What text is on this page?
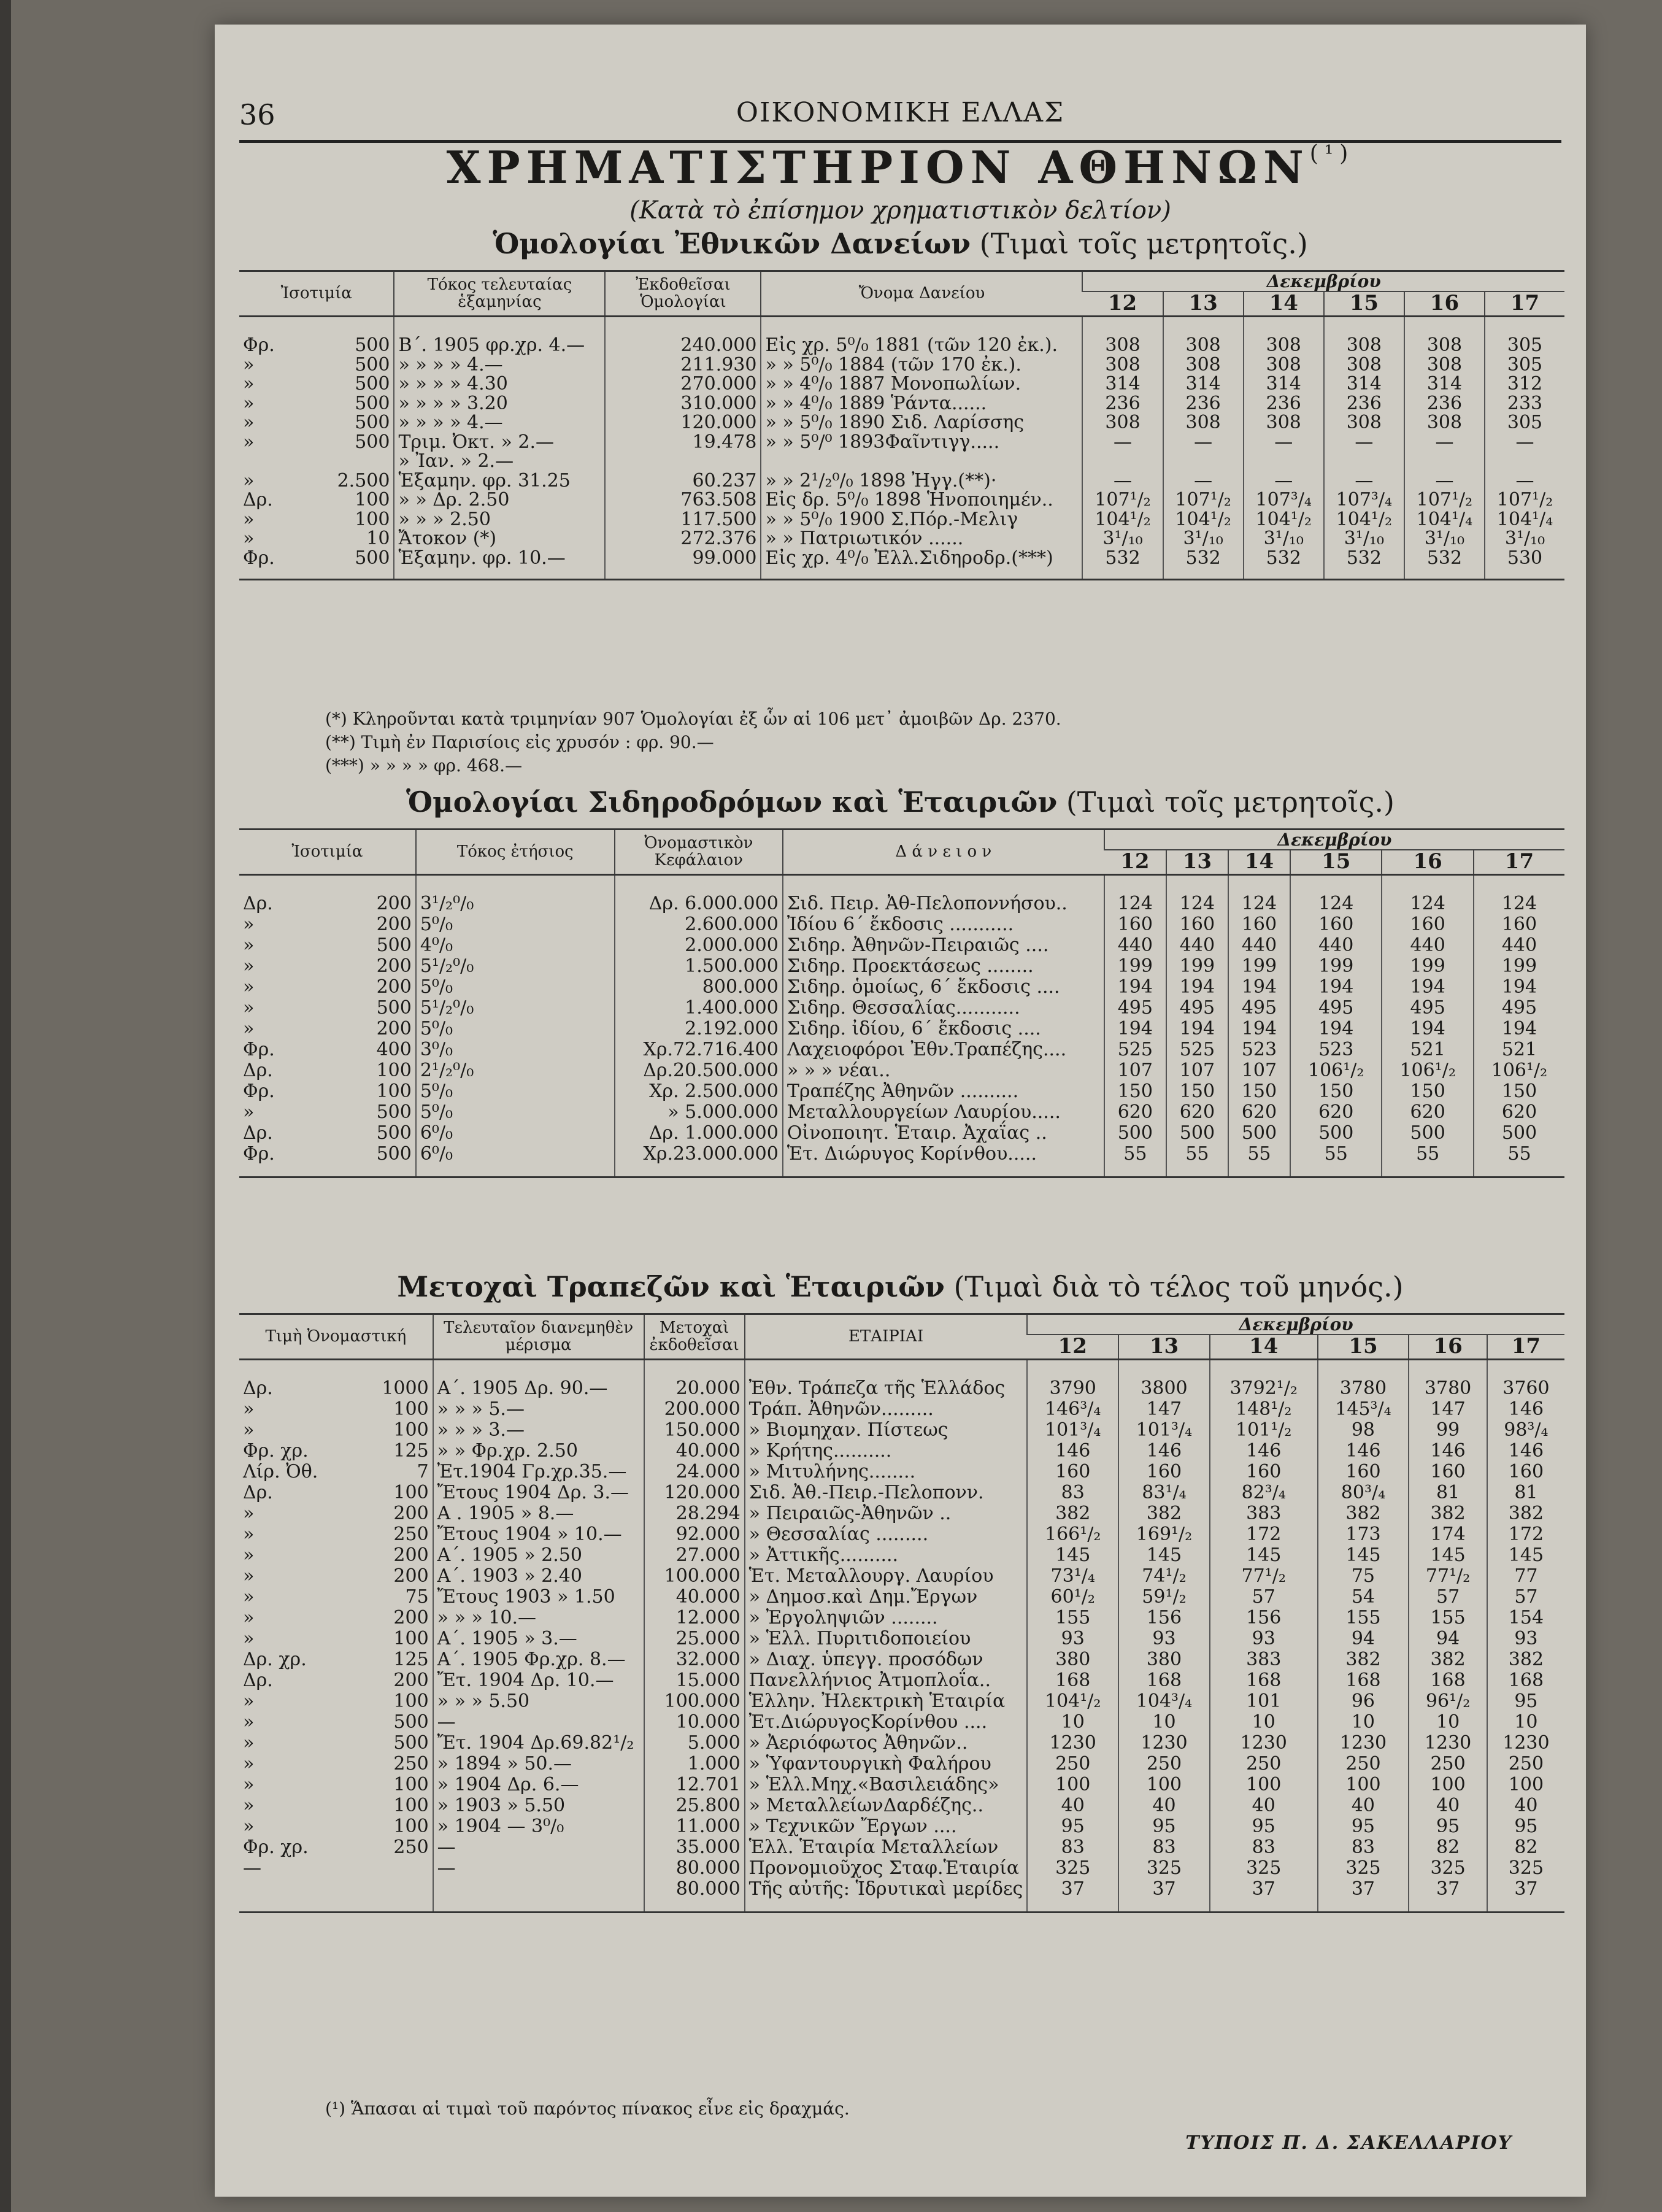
36	ΟΙΚΟΝΟΜΙΚΗ ΕΛΛΑΣ
ΧΡΗΜΑΤΙΣΤΗΡΙΟΝ $A\Theta HN\Omega N^{(^1)}$
(Κατὰ τὸ ἐπίσημον χρηματιστικὸν δελτίον)
Ὁμολογίαι Ἐθνικῶν Δανείων (Τιμαὶ τοῖς μετρητοῖς.)
Ἰσοτιμία		Τόκος τελευταίας ἑξαμηνίας	Ἐκδοθεῖσαι Ὁμολογίαι	Ὄνομα Δανείου	Δεκεμβρίου					
					12	13	14	15	16	17
Φρ.	500	Β΄. 1905 φρ.χρ. 4.—	240.000	Εἰς χρ. 5⁰/₀ 1881 (τῶν 120 ἐκ.).	308	308	308	308	308	305
»	500	» » » » 4.—	211.930	» » 5⁰/₀ 1884 (τῶν 170 ἐκ.).	308	308	308	308	308	305
»	500	» » » » 4.30	270.000	» » 4⁰/₀ 1887 Μονοπωλίων.	314	314	314	314	314	312
»	500	» » » » 3.20	310.000	» » 4⁰/₀ 1889 Ῥάντα......	236	236	236	236	236	233
»	500	» » » » 4.—	120.000	» » 5⁰/₀ 1890 Σιδ. Λαρίσσης	308	308	308	308	308	305
»	500	Τριμ. Ὀκτ. » 2.—	19.478	» » 5⁰/⁰ 1893Φαῖντιγγ.....	—	—	—	—	—	—
		» Ἰαν. » 2.—								
»	2.500	Ἑξαμην. φρ. 31.25	60.237	» » 2¹/₂⁰/₀ 1898 Ἠγγ.(**)·	—	—	—	—	—	—
Δρ.	100	» » Δρ. 2.50	763.508	Εἰς δρ. 5⁰/₀ 1898 Ἡνοποιημέν..	107¹/₂	107¹/₂	107³/₄	107³/₄	107¹/₂	107¹/₂
»	100	» » » 2.50	117.500	» » 5⁰/₀ 1900 Σ.Πόρ.-Μελιγ	104¹/₂	104¹/₂	104¹/₂	104¹/₂	104¹/₄	104¹/₄
»	10	Ἄτοκον (*)	272.376	» » Πατριωτικόν ......	3¹/₁₀	3¹/₁₀	3¹/₁₀	3¹/₁₀	3¹/₁₀	3¹/₁₀
Φρ.	500	Ἑξαμην. φρ. 10.—	99.000	Εἰς χρ. 4⁰/₀ Ἐλλ.Σιδηροδρ.(***)	532	532	532	532	532	530
(*) Κληροῦνται κατὰ τριμηνίαν 907 Ὁμολογίαι ἐξ ὧν αἱ 106 μετ᾽ ἀμοιβῶν Δρ. 2370.
(**) Τιμὴ ἐν Παρισίοις εἰς χρυσόν : φρ. 90.—
(***) » » » » φρ. 468.—
Ὁμολογίαι Σιδηροδρόμων καὶ Ἑταιριῶν (Τιμαὶ τοῖς μετρητοῖς.)
Ἰσοτιμία		Τόκος ἐτήσιος	Ὀνομαστικὸν Κεφάλαιον	Δ ά ν ε ι ο ν	Δεκεμβρίου					
					12	13	14	15	16	17
Δρ.	200	3¹/₂⁰/₀	Δρ. 6.000.000	Σιδ. Πειρ. Ἀθ-Πελοποννήσου..	124	124	124	124	124	124
»	200	5⁰/₀	2.600.000	Ἰδίου 6΄ ἔκδοσις ...........	160	160	160	160	160	160
»	500	4⁰/₀	2.000.000	Σιδηρ. Ἀθηνῶν-Πειραιῶς ....	440	440	440	440	440	440
»	200	5¹/₂⁰/₀	1.500.000	Σιδηρ. Προεκτάσεως ........	199	199	199	199	199	199
»	200	5⁰/₀	800.000	Σιδηρ. ὁμοίως, 6΄ ἔκδοσις ....	194	194	194	194	194	194
»	500	5¹/₂⁰/₀	1.400.000	Σιδηρ. Θεσσαλίας...........	495	495	495	495	495	495
»	200	5⁰/₀	2.192.000	Σιδηρ. ἰδίου, 6΄ ἔκδοσις ....	194	194	194	194	194	194
Φρ.	400	3⁰/₀	Χρ.72.716.400	Λαχειοφόροι Ἐθν.Τραπέζης....	525	525	523	523	521	521
Δρ.	100	2¹/₂⁰/₀	Δρ.20.500.000	» » » νέαι..	107	107	107	106¹/₂	106¹/₂	106¹/₂
Φρ.	100	5⁰/₀	Χρ. 2.500.000	Τραπέζης Ἀθηνῶν ..........	150	150	150	150	150	150
»	500	5⁰/₀	» 5.000.000	Μεταλλουργείων Λαυρίου.....	620	620	620	620	620	620
Δρ.	500	6⁰/₀	Δρ. 1.000.000	Οἰνοποιητ. Ἑταιρ. Ἀχαΐας ..	500	500	500	500	500	500
Φρ.	500	6⁰/₀	Χρ.23.000.000	Ἑτ. Διώρυγος Κορίνθου.....	55	55	55	55	55	55
Μετοχαὶ Τραπεζῶν καὶ Ἑταιριῶν (Τιμαὶ διὰ τὸ τέλος τοῦ μηνός.)
Τιμὴ Ὀνομαστική		Τελευταῖον διανεμηθὲν μέρισμα	Μετοχαὶ ἐκδοθεῖσαι	ΕΤΑΙΡΙΑΙ	Δεκεμβρίου					
					12	13	14	15	16	17
Δρ.	1000	Α΄. 1905 Δρ. 90.—	20.000	Ἐθν. Τράπεζα τῆς Ἑλλάδος	3790	3800	3792¹/₂	3780	3780	3760
»	100	» » » 5.—	200.000	Τράπ. Ἀθηνῶν.........	146³/₄	147	148¹/₂	145³/₄	147	146
»	100	» » » 3.—	150.000	» Βιομηχαν. Πίστεως	101³/₄	101³/₄	101¹/₂	98	99	98³/₄
Φρ. χρ.	125	» » Φρ.χρ. 2.50	40.000	» Κρήτης..........	146	146	146	146	146	146
Λίρ. Ὀθ.	7	Ἐτ.1904 Γρ.χρ.35.—	24.000	» Μιτυλήνης........	160	160	160	160	160	160
Δρ.	100	Ἔτους 1904 Δρ. 3.—	120.000	Σιδ. Ἀθ.-Πειρ.-Πελοπονν.	83	83¹/₄	82³/₄	80³/₄	81	81
»	200	Α . 1905 » 8.—	28.294	» Πειραιῶς-Ἀθηνῶν ..	382	382	383	382	382	382
»	250	Ἔτους 1904 » 10.—	92.000	» Θεσσαλίας .........	166¹/₂	169¹/₂	172	173	174	172
»	200	Α΄. 1905 » 2.50	27.000	» Ἀττικῆς..........	145	145	145	145	145	145
»	200	Α΄. 1903 » 2.40	100.000	Ἑτ. Μεταλλουργ. Λαυρίου	73¹/₄	74¹/₂	77¹/₂	75	77¹/₂	77
»	75	Ἔτους 1903 » 1.50	40.000	» Δημοσ.καὶ Δημ.Ἔργων	60¹/₂	59¹/₂	57	54	57	57
»	200	» » » 10.—	12.000	» Ἐργοληψιῶν ........	155	156	156	155	155	154
»	100	Α΄. 1905 » 3.—	25.000	» Ἑλλ. Πυριτιδοποιείου	93	93	93	94	94	93
Δρ. χρ.	125	Α΄. 1905 Φρ.χρ. 8.—	32.000	» Διαχ. ὑπεγγ. προσόδων	380	380	383	382	382	382
Δρ.	200	Ἔτ. 1904 Δρ. 10.—	15.000	Πανελλήνιος Ἀτμοπλοΐα..	168	168	168	168	168	168
»	100	» » » 5.50	100.000	Ἑλλην. Ἠλεκτρικὴ Ἑταιρία	104¹/₂	104³/₄	101	96	96¹/₂	95
»	500	—	10.000	Ἐτ.ΔιώρυγοςΚορίνθου ....	10	10	10	10	10	10
»	500	Ἔτ. 1904 Δρ.69.82¹/₂	5.000	» Ἀεριόφωτος Ἀθηνῶν..	1230	1230	1230	1230	1230	1230
»	250	» 1894 » 50.—	1.000	» Ὑφαντουργικὴ Φαλήρου	250	250	250	250	250	250
»	100	» 1904 Δρ. 6.—	12.701	» Ἑλλ.Μηχ.«Βασιλειάδης»	100	100	100	100	100	100
»	100	» 1903 » 5.50	25.800	» ΜεταλλείωνΔαρδέζης..	40	40	40	40	40	40
»	100	» 1904 — 3⁰/₀	11.000	» Τεχνικῶν Ἔργων ....	95	95	95	95	95	95
Φρ. χρ.	250	—	35.000	Ἑλλ. Ἑταιρία Μεταλλείων	83	83	83	83	82	82
—		—	80.000	Προνομιοῦχος Σταφ.Ἑταιρία	325	325	325	325	325	325
			80.000	Τῆς αὐτῆς: Ἱδρυτικαὶ μερίδες	37	37	37	37	37	37
(¹) Ἅπασαι αἱ τιμαὶ τοῦ παρόντος πίνακος εἶνε εἰς δραχμάς.
ΤΥΠΟΙΣ Π. Δ. ΣΑΚΕΛΛΑΡΙΟΥ
